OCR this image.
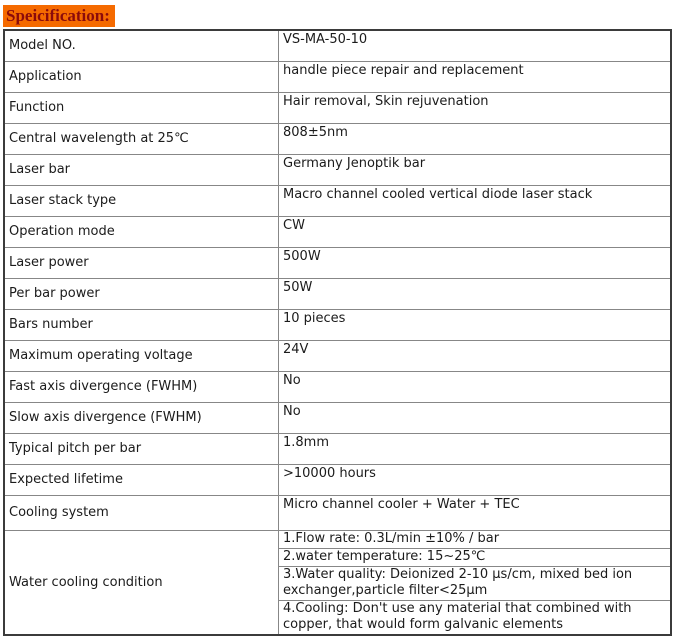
Speicification:
Model NO.	VS-MA-50-10
Application	handle piece repair and replacement
Function	Hair removal, Skin rejuvenation
Central wavelength at 25℃	808±5nm
Laser bar	Germany Jenoptik bar
Laser stack type	Macro channel cooled vertical diode laser stack
Operation mode	CW
Laser power	500W
Per bar power	50W
Bars number	10 pieces
Maximum operating voltage	24V
Fast axis divergence (FWHM)	No
Slow axis divergence (FWHM)	No
Typical pitch per bar	1.8mm
Expected lifetime	>10000 hours
Cooling system	Micro channel cooler + Water + TEC
Water cooling condition	1.Flow rate: 0.3L/min ±10% / bar
	2.water temperature: 15~25℃
	3.Water quality: Deionized 2-10 μs/cm, mixed bed ion exchanger,particle filter<25μm
	4.Cooling: Don't use any material that combined with copper, that would form galvanic elements
